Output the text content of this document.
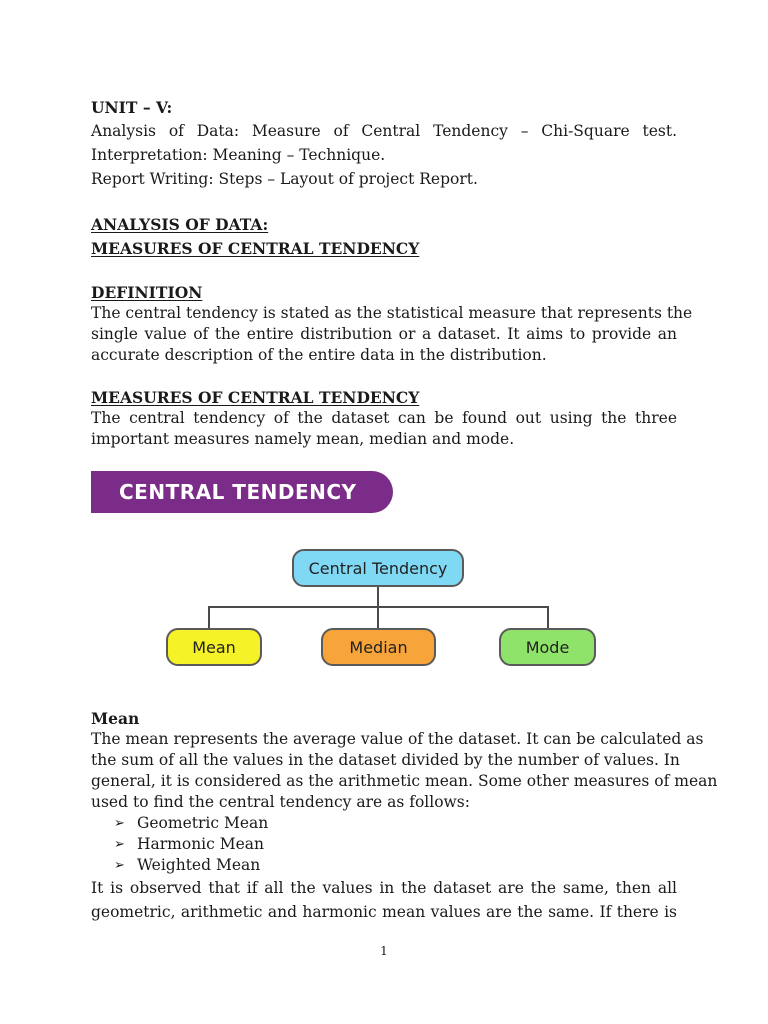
UNIT – V:

Analysis of Data: Measure of Central Tendency – Chi-Square test.

Interpretation: Meaning – Technique.

Report Writing: Steps – Layout of project Report.

ANALYSIS OF DATA:

MEASURES OF CENTRAL TENDENCY

DEFINITION

The central tendency is stated as the statistical measure that represents the

single value of the entire distribution or a dataset. It aims to provide an

accurate description of the entire data in the distribution.

MEASURES OF CENTRAL TENDENCY

The central tendency of the dataset can be found out using the three

important measures namely mean, median and mode.

CENTRAL TENDENCY
Central Tendency
Mean	Median	Mode

Mean

The mean represents the average value of the dataset. It can be calculated as

the sum of all the values in the dataset divided by the number of values. In

general, it is considered as the arithmetic mean. Some other measures of mean

used to find the central tendency are as follows:

➢ Geometric Mean
➢ Harmonic Mean
➢ Weighted Mean

It is observed that if all the values in the dataset are the same, then all

geometric, arithmetic and harmonic mean values are the same. If there is

1
